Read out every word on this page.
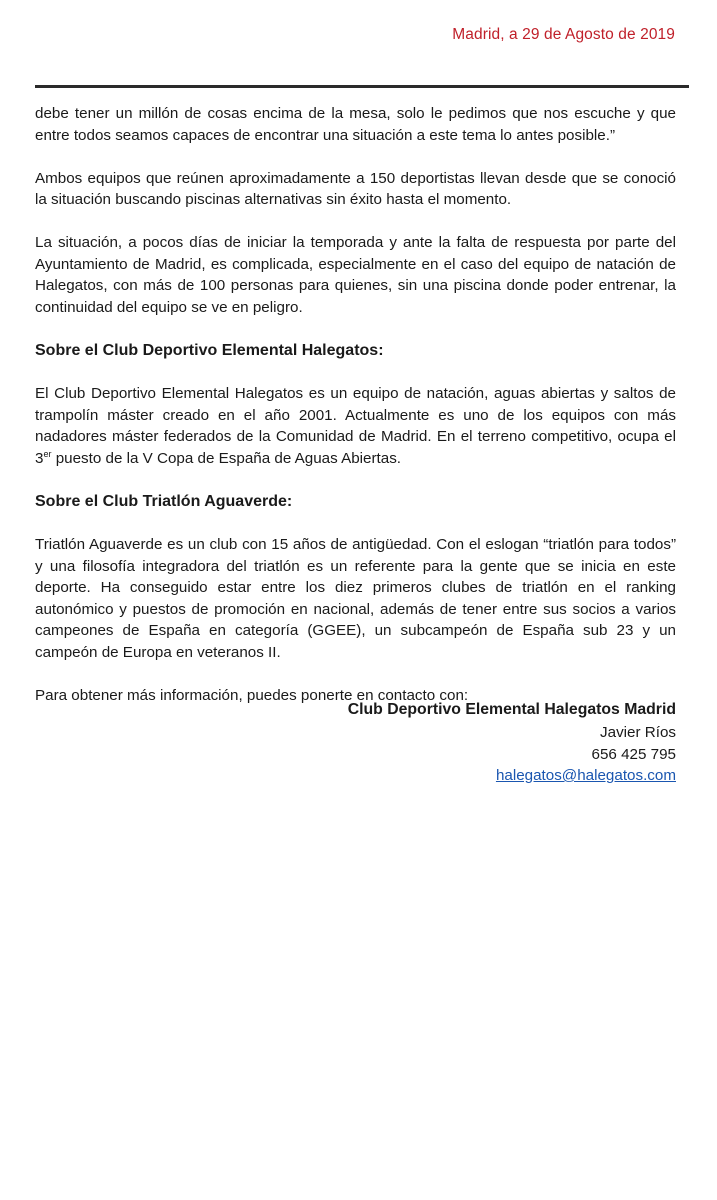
Madrid, a 29 de Agosto de 2019

debe tener un millón de cosas encima de la mesa, solo le pedimos que nos escuche y que entre todos seamos capaces de encontrar una situación a este tema lo antes posible.”

Ambos equipos que reúnen aproximadamente a 150 deportistas llevan desde que se conoció la situación buscando piscinas alternativas sin éxito hasta el momento.

La situación, a pocos días de iniciar la temporada y ante la falta de respuesta por parte del Ayuntamiento de Madrid, es complicada, especialmente en el caso del equipo de natación de Halegatos, con más de 100 personas para quienes, sin una piscina donde poder entrenar, la continuidad del equipo se ve en peligro.

Sobre el Club Deportivo Elemental Halegatos:

El Club Deportivo Elemental Halegatos es un equipo de natación, aguas abiertas y saltos de trampolín máster creado en el año 2001. Actualmente es uno de los equipos con más nadadores máster federados de la Comunidad de Madrid. En el terreno competitivo, ocupa el 3er puesto de la V Copa de España de Aguas Abiertas.

Sobre el Club Triatlón Aguaverde:

Triatlón Aguaverde es un club con 15 años de antigüedad. Con el eslogan “triatlón para todos” y una filosofía integradora del triatlón es un referente para la gente que se inicia en este deporte. Ha conseguido estar entre los diez primeros clubes de triatlón en el ranking autonómico y puestos de promoción en nacional, además de tener entre sus socios a varios campeones de España en categoría (GGEE), un subcampeón de España sub 23 y un campeón de Europa en veteranos II.

Para obtener más información, puedes ponerte en contacto con:

Club Deportivo Elemental Halegatos Madrid
Javier Ríos
656 425 795
halegatos@halegatos.com
